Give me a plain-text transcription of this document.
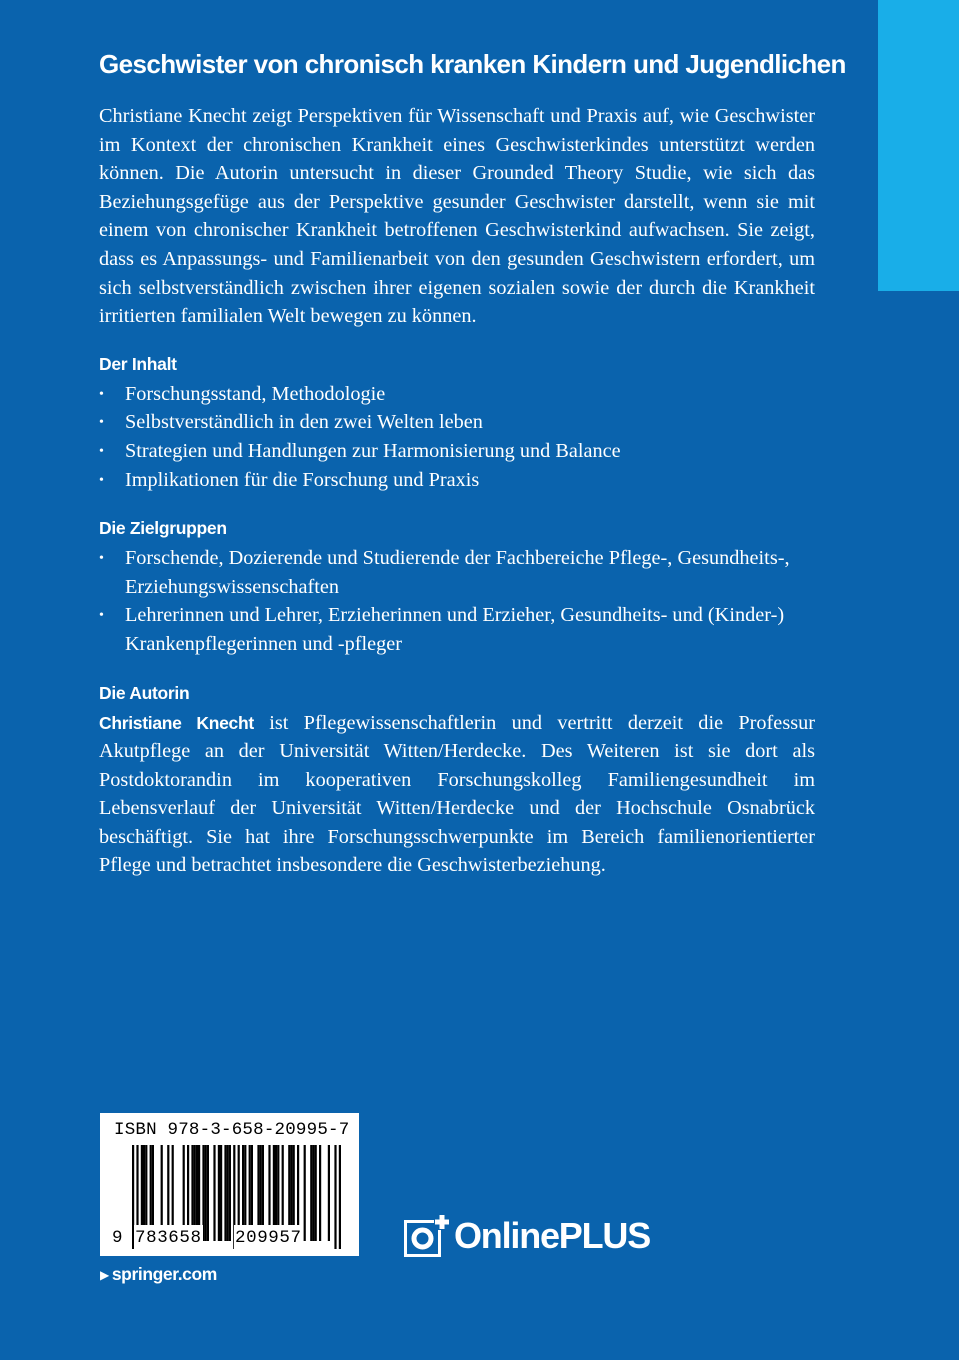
Geschwister von chronisch kranken Kindern und Jugendlichen

Christiane Knecht zeigt Perspektiven für Wissenschaft und Praxis auf, wie Geschwister im Kontext der chronischen Krankheit eines Geschwisterkindes unterstützt werden können. Die Autorin untersucht in dieser Grounded Theory Studie, wie sich das Beziehungsgefüge aus der Perspektive gesunder Geschwister darstellt, wenn sie mit einem von chronischer Krankheit betroffenen Geschwisterkind aufwachsen. Sie zeigt, dass es Anpassungs- und Familienarbeit von den gesunden Geschwistern erfordert, um sich selbstverständlich zwischen ihrer eigenen sozialen sowie der durch die Krankheit irritierten familialen Welt bewegen zu können.

Der Inhalt
• Forschungsstand, Methodologie
• Selbstverständlich in den zwei Welten leben
• Strategien und Handlungen zur Harmonisierung und Balance
• Implikationen für die Forschung und Praxis
Die Zielgruppen
• Forschende, Dozierende und Studierende der Fachbereiche Pflege-, Gesundheits-, Erziehungswissenschaften
• Lehrerinnen und Lehrer, Erzieherinnen und Erzieher, Gesundheits- und (Kinder-) Krankenpflegerinnen und -pfleger
Die Autorin

Christiane Knecht ist Pflegewissenschaftlerin und vertritt derzeit die Professur Akutpflege an der Universität Witten/Herdecke. Des Weiteren ist sie dort als Postdoktorandin im kooperativen Forschungskolleg Familiengesundheit im Lebensverlauf der Universität Witten/Herdecke und der Hochschule Osnabrück beschäftigt. Sie hat ihre Forschungsschwerpunkte im Bereich familienorientierter Pflege und betrachtet insbesondere die Geschwisterbeziehung.

ISBN 978-3-658-20995-7
9 783658 209957
▶ springer.com
OnlinePLUS
